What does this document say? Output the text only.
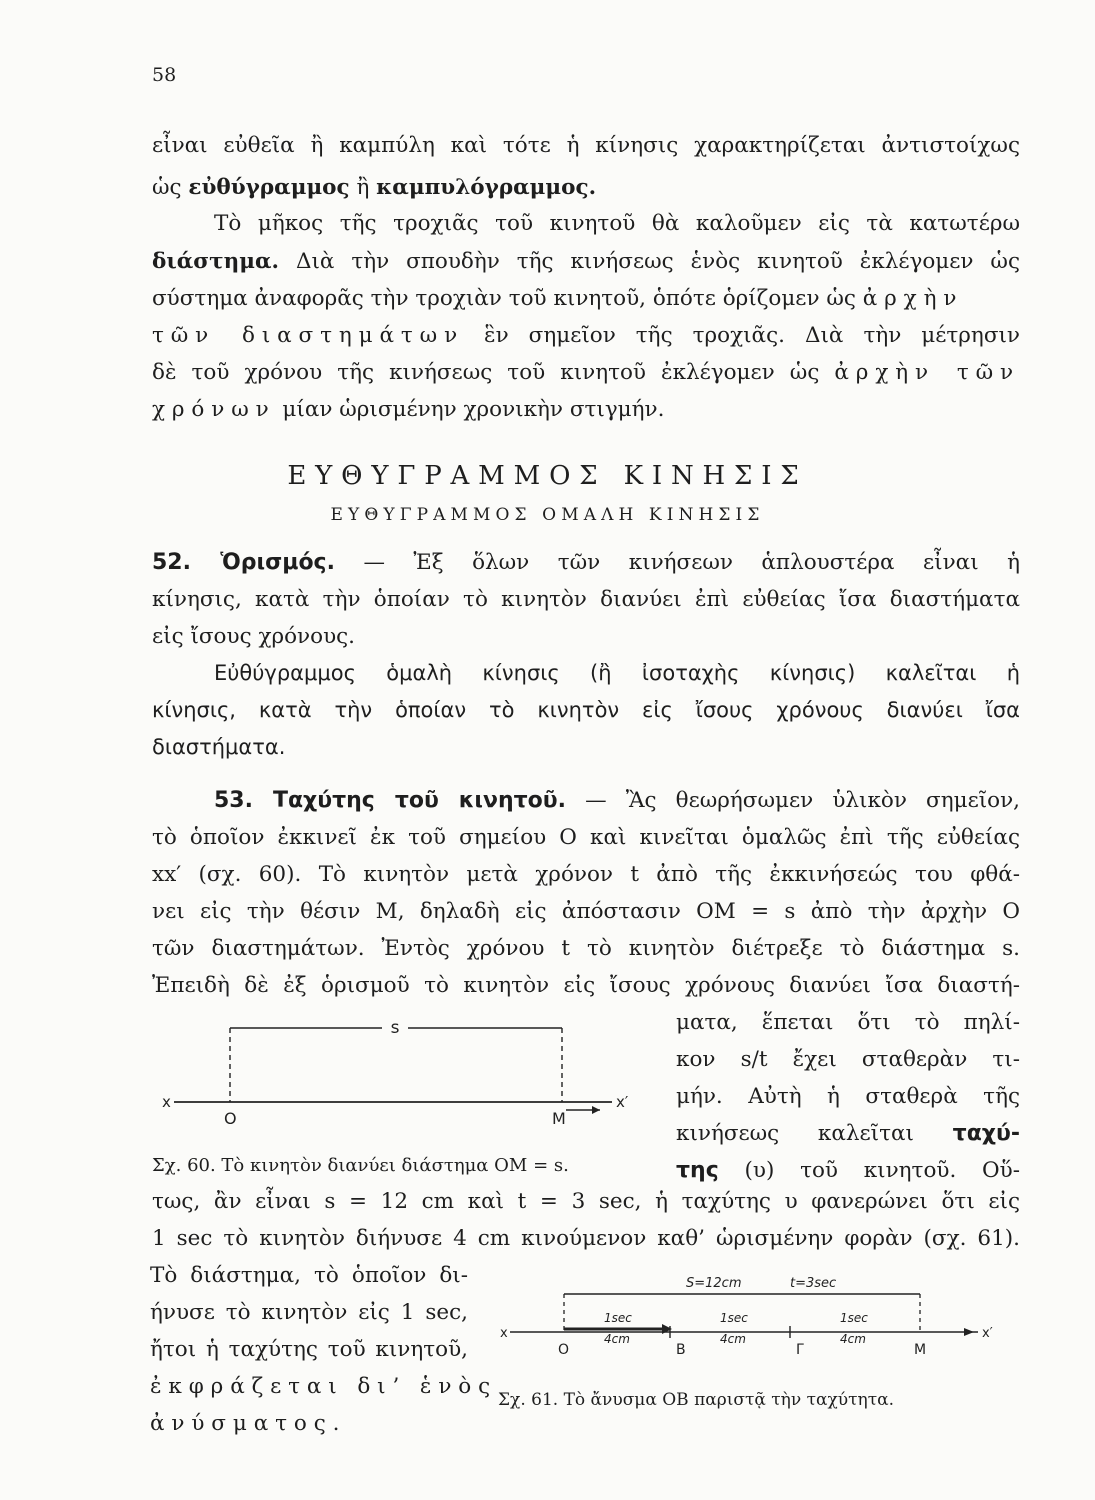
58
εἶναι εὐθεῖα ἢ καμπύλη καὶ τότε ἡ κίνησις χαρακτηρίζεται ἀντιστοίχως
ὡς εὐθύγραμμος ἢ καμπυλόγραμμος.
Τὸ μῆκος τῆς τροχιᾶς τοῦ κινητοῦ θὰ καλοῦμεν εἰς τὰ κατωτέρω
διάστημα. Διὰ τὴν σπουδὴν τῆς κινήσεως ἑνὸς κινητοῦ ἐκλέγομεν ὡς
σύστημα ἀναφορᾶς τὴν τροχιὰν τοῦ κινητοῦ, ὁπότε ὁρίζομεν ὡς ἀρχὴν
τῶν διαστημάτων ἓν σημεῖον τῆς τροχιᾶς. Διὰ τὴν μέτρησιν
δὲ τοῦ χρόνου τῆς κινήσεως τοῦ κινητοῦ ἐκλέγομεν ὡς ἀρχὴν τῶν
χρόνων μίαν ὡρισμένην χρονικὴν στιγμήν.
ΕΥΘΥΓΡΑΜΜΟΣ ΚΙΝΗΣΙΣ
ΕΥΘΥΓΡΑΜΜΟΣ ΟΜΑΛΗ ΚΙΝΗΣΙΣ
52. Ὁρισμός. — Ἐξ ὅλων τῶν κινήσεων ἁπλουστέρα εἶναι ἡ
κίνησις, κατὰ τὴν ὁποίαν τὸ κινητὸν διανύει ἐπὶ εὐθείας ἴσα διαστήματα
εἰς ἴσους χρόνους.
Εὐθύγραμμος ὁμαλὴ κίνησις (ἢ ἰσοταχὴς κίνησις) καλεῖται ἡ
κίνησις, κατὰ τὴν ὁποίαν τὸ κινητὸν εἰς ἴσους χρόνους διανύει ἴσα
διαστήματα.
53. Ταχύτης τοῦ κινητοῦ. — Ἂς θεωρήσωμεν ὑλικὸν σημεῖον,
τὸ ὁποῖον ἐκκινεῖ ἐκ τοῦ σημείου Ο καὶ κινεῖται ὁμαλῶς ἐπὶ τῆς εὐθείας
xx′ (σχ. 60). Τὸ κινητὸν μετὰ χρόνον t ἀπὸ τῆς ἐκκινήσεώς του φθά-
νει εἰς τὴν θέσιν Μ, δηλαδὴ εἰς ἀπόστασιν ΟΜ = s ἀπὸ τὴν ἀρχὴν Ο
τῶν διαστημάτων. Ἐντὸς χρόνου t τὸ κινητὸν διέτρεξε τὸ διάστημα s.
Ἐπειδὴ δὲ ἐξ ὁρισμοῦ τὸ κινητὸν εἰς ἴσους χρόνους διανύει ἴσα διαστή-
ματα, ἕπεται ὅτι τὸ πηλί-
κον s/t ἔχει σταθερὰν τι-
μήν. Αὐτὴ ἡ σταθερὰ τῆς
κινήσεως καλεῖται ταχύ-
της (υ) τοῦ κινητοῦ. Οὕ-
s
x	x′
O	M
Σχ. 60. Τὸ κινητὸν διανύει διάστημα ΟΜ = s.
τως, ἂν εἶναι s = 12 cm καὶ t = 3 sec, ἡ ταχύτης υ φανερώνει ὅτι εἰς
1 sec τὸ κινητὸν διήνυσε 4 cm κινούμενον καθ’ ὡρισμένην φορὰν (σχ. 61).
Τὸ διάστημα, τὸ ὁποῖον δι-
ήνυσε τὸ κινητὸν εἰς 1 sec,
ἤτοι ἡ ταχύτης τοῦ κινητοῦ,
ἐκφράζεται δι’ ἑνὸς
ἀνύσματος.
S=12cm	t=3sec
1sec
4cm
1sec
4cm
1sec
4cm
x	x′
O	B	Γ	M
Σχ. 61. Τὸ ἄνυσμα ΟΒ παριστᾷ τὴν ταχύτητα.
